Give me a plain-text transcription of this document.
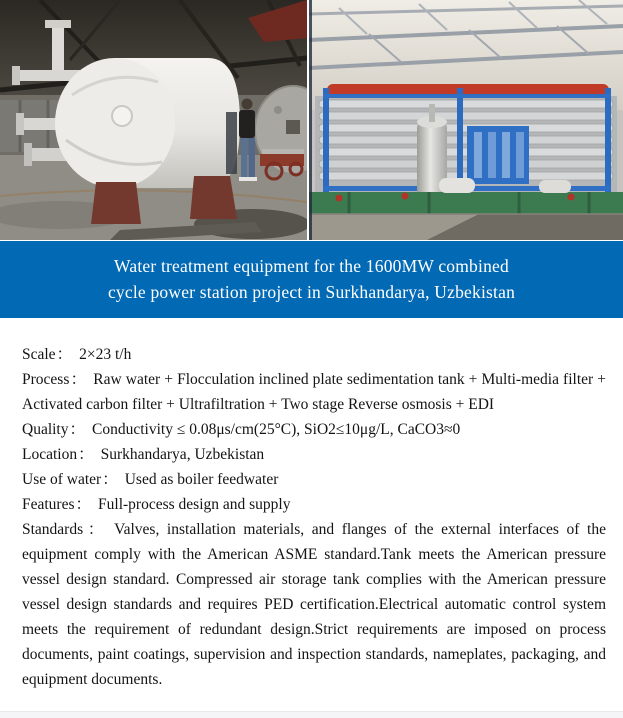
Water treatment equipment for the 1600MW combined
cycle power station project in Surkhandarya, Uzbekistan

Scale： 2×23 t/h

Process： Raw water + Flocculation inclined plate sedimentation tank + Multi-media filter + Activated carbon filter + Ultrafiltration + Two stage Reverse osmosis + EDI

Quality： Conductivity ≤ 0.08μs/cm(25°C), SiO2≤10μg/L, CaCO3≈0

Location： Surkhandarya, Uzbekistan

Use of water： Used as boiler feedwater

Features： Full-process design and supply

Standards： Valves, installation materials, and flanges of the external interfaces of the equipment comply with the American ASME standard.Tank meets the American pressure vessel design standard. Compressed air storage tank complies with the American pressure vessel design standards and requires PED certification.Electrical automatic control system meets the requirement of redundant design.Strict requirements are imposed on process documents, paint coatings, supervision and inspection standards, nameplates, packaging, and equipment documents.
